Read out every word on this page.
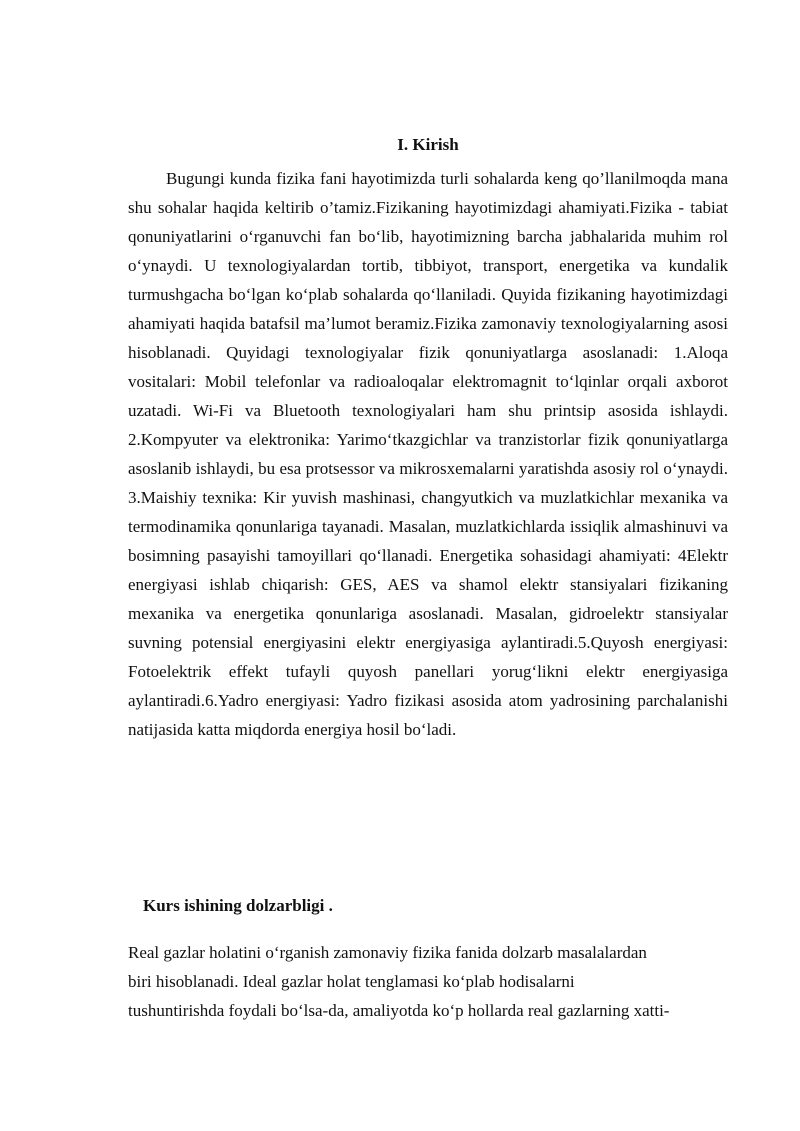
I. Kirish

Bugungi kunda fizika fani hayotimizda turli sohalarda keng qo’llanilmoqda mana shu sohalar haqida keltirib o’tamiz.Fizikaning hayotimizdagi ahamiyati.Fizika - tabiat qonuniyatlarini o‘rganuvchi fan bo‘lib, hayotimizning barcha jabhalarida muhim rol o‘ynaydi. U texnologiyalardan tortib, tibbiyot, transport, energetika va kundalik turmushgacha bo‘lgan ko‘plab sohalarda qo‘llaniladi. Quyida fizikaning hayotimizdagi ahamiyati haqida batafsil ma’lumot beramiz.Fizika zamonaviy texnologiyalarning asosi hisoblanadi. Quyidagi texnologiyalar fizik qonuniyatlarga asoslanadi: 1.Aloqa vositalari: Mobil telefonlar va radioaloqalar elektromagnit to‘lqinlar orqali axborot uzatadi. Wi-Fi va Bluetooth texnologiyalari ham shu printsip asosida ishlaydi. 2.Kompyuter va elektronika: Yarimo‘tkazgichlar va tranzistorlar fizik qonuniyatlarga asoslanib ishlaydi, bu esa protsessor va mikrosxemalarni yaratishda asosiy rol o‘ynaydi. 3.Maishiy texnika: Kir yuvish mashinasi, changyutkich va muzlatkichlar mexanika va termodinamika qonunlariga tayanadi. Masalan, muzlatkichlarda issiqlik almashinuvi va bosimning pasayishi tamoyillari qo‘llanadi. Energetika sohasidagi ahamiyati: 4Elektr energiyasi ishlab chiqarish: GES, AES va shamol elektr stansiyalari fizikaning mexanika va energetika qonunlariga asoslanadi. Masalan, gidroelektr stansiyalar suvning potensial energiyasini elektr energiyasiga aylantiradi.5.Quyosh energiyasi: Fotoelektrik effekt tufayli quyosh panellari yorug‘likni elektr energiyasiga aylantiradi.6.Yadro energiyasi: Yadro fizikasi asosida atom yadrosining parchalanishi natijasida katta miqdorda energiya hosil bo‘ladi.

Kurs ishining dolzarbligi .

Real gazlar holatini o‘rganish zamonaviy fizika fanida dolzarb masalalardan
biri hisoblanadi. Ideal gazlar holat tenglamasi ko‘plab hodisalarni
tushuntirishda foydali bo‘lsa-da, amaliyotda ko‘p hollarda real gazlarning xatti-
